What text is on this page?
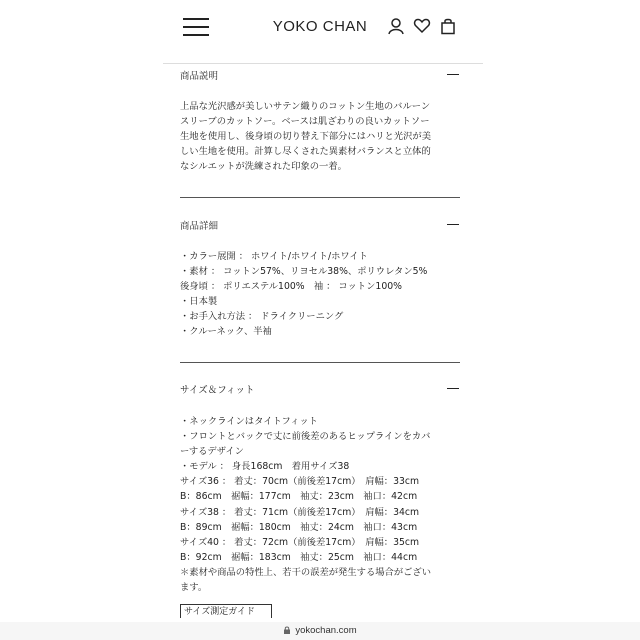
YOKO CHAN
商品説明

上品な光沢感が美しいサテン織りのコットン生地のバルーン
スリーブのカットソー。ベースは肌ざわりの良いカットソー
生地を使用し、後身頃の切り替え下部分にはハリと光沢が美
しい生地を使用。計算し尽くされた異素材バランスと立体的
なシルエットが洗練された印象の一着。

商品詳細

・カラー展開 ： ホワイト/ホワイト/ホワイト
・素材 ： コットン57%、リヨセル38%、ポリウレタン5%
後身頃 ： ポリエステル100%　袖 ： コットン100%
・日本製
・お手入れ方法 ： ドライクリーニング
・クルーネック、半袖

サイズ＆フィット

・ネックラインはタイトフィット
・フロントとバックで丈に前後差のあるヒップラインをカバ
ーするデザイン
・モデル ： 身長168cm　着用サイズ38
サイズ36 ： 着丈：70cm（前後差17cm）　肩幅：33cm
B：86cm　裾幅：177cm　袖丈：23cm　袖口：42cm
サイズ38 ： 着丈：71cm（前後差17cm）　肩幅：34cm
B：89cm　裾幅：180cm　袖丈：24cm　袖口：43cm
サイズ40 ： 着丈：72cm（前後差17cm）　肩幅：35cm
B：92cm　裾幅：183cm　袖丈：25cm　袖口：44cm
＊素材や商品の特性上、若干の誤差が発生する場合がござい
ます。

サイズ測定ガイド
yokochan.com
